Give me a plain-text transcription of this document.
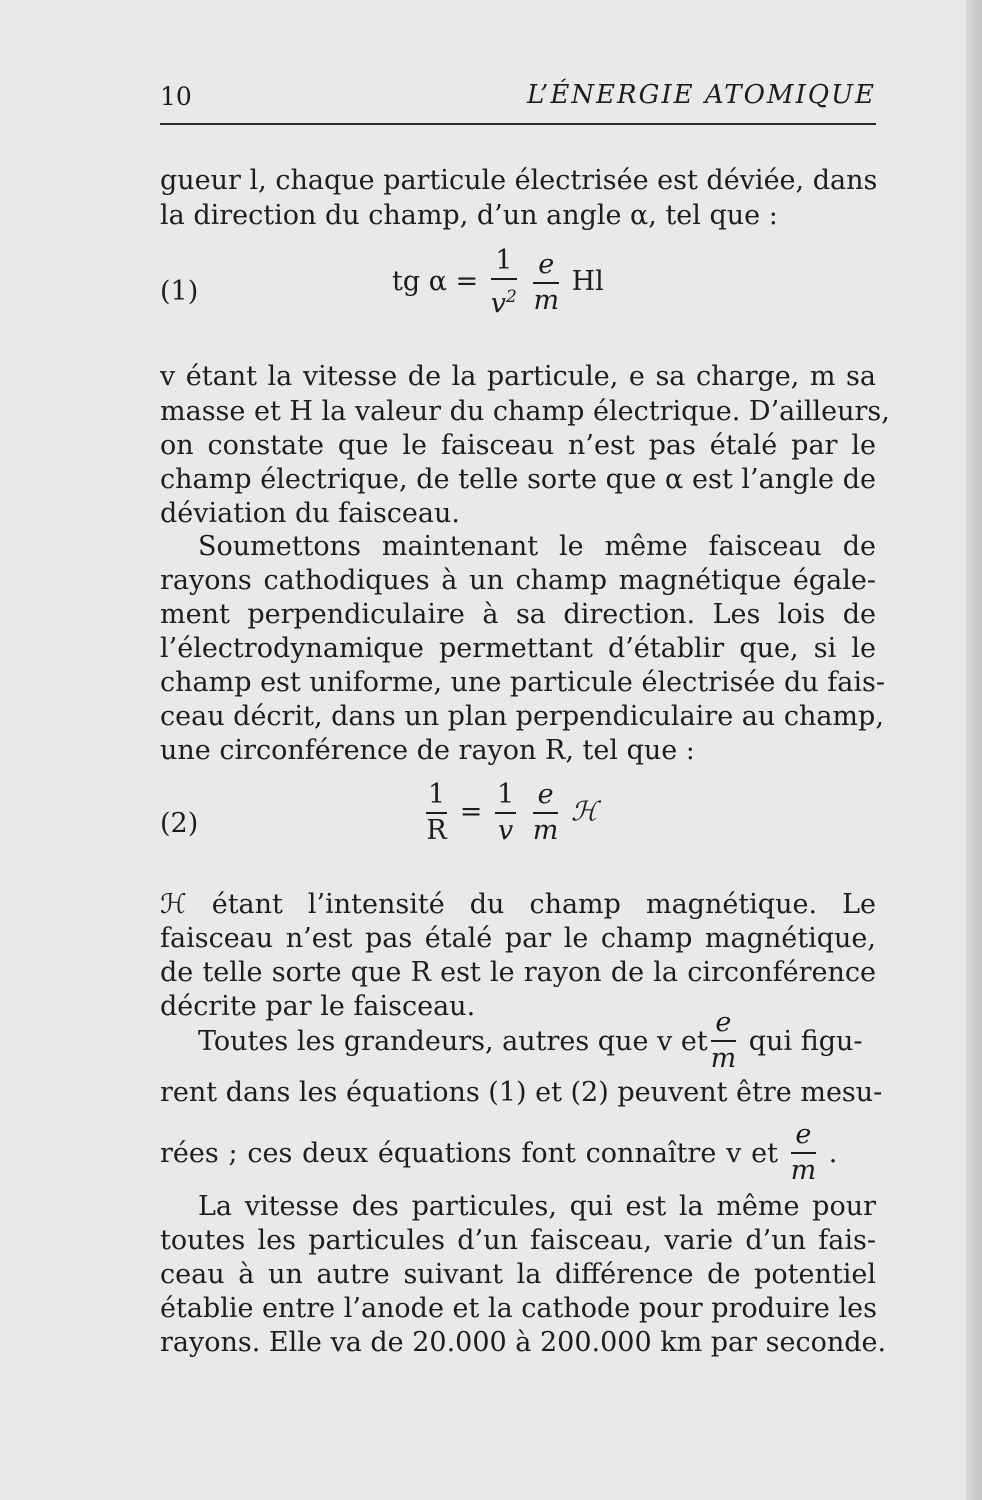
10	L’ÉNERGIE ATOMIQUE
gueur l, chaque particule électrisée est déviée, dans
la direction du champ, d’un angle α, tel que :
(1)	tg $\alpha = \frac{1}{v^2}$
$\frac{e}{m}$ Hl
v étant la vitesse de la particule, e sa charge, m sa
masse et H la valeur du champ électrique. D’ailleurs,
on constate que le faisceau n’est pas étalé par le
champ électrique, de telle sorte que α est l’angle de
déviation du faisceau.
Soumettons maintenant le même faisceau de
rayons cathodiques à un champ magnétique égale-
ment perpendiculaire à sa direction. Les lois de
l’électrodynamique permettant d’établir que, si le
champ est uniforme, une particule électrisée du fais-
ceau décrit, dans un plan perpendiculaire au champ,
une circonférence de rayon R, tel que :
(2)	$\frac{1}{R} = \frac{1}{v}$
$\frac{e}{m}$ ℋ
ℋ étant l’intensité du champ magnétique. Le
faisceau n’est pas étalé par le champ magnétique,
de telle sorte que R est le rayon de la circonférence
décrite par le faisceau.
Toutes les grandeurs, autres que v et $\frac{e}{m}$ qui figu-
rent dans les équations (1) et (2) peuvent être mesu-
rées ; ces deux équations font connaître v et $\frac{e}{m}$ .
La vitesse des particules, qui est la même pour
toutes les particules d’un faisceau, varie d’un fais-
ceau à un autre suivant la différence de potentiel
établie entre l’anode et la cathode pour produire les
rayons. Elle va de 20.000 à 200.000 km par seconde.
